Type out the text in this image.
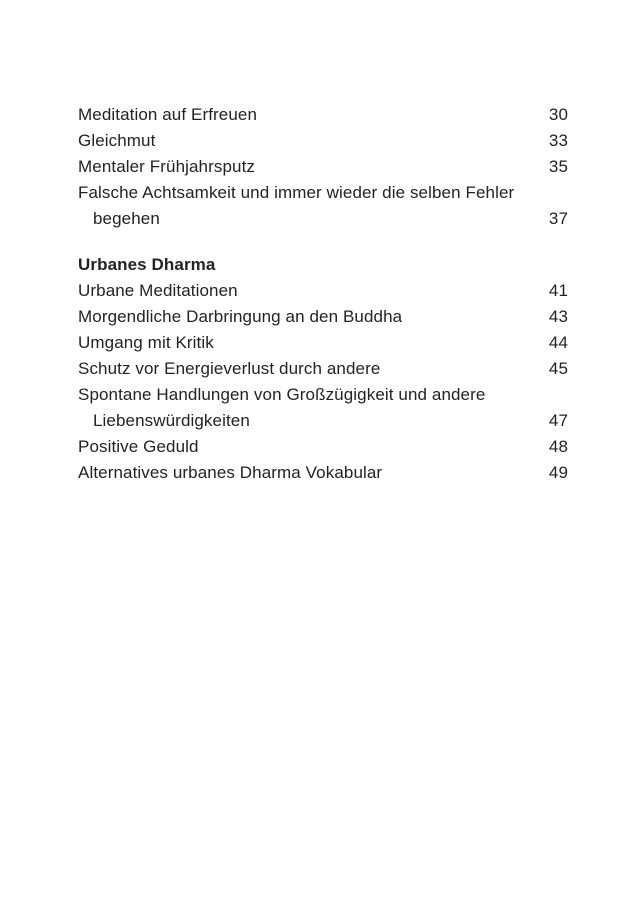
Meditation auf Erfreuen	30
Gleichmut	33
Mentaler Frühjahrsputz	35
Falsche Achtsamkeit und immer wieder die selben Fehler
begehen	37
Urbanes Dharma
Urbane Meditationen	41
Morgendliche Darbringung an den Buddha	43
Umgang mit Kritik	44
Schutz vor Energieverlust durch andere	45
Spontane Handlungen von Großzügigkeit und andere
Liebenswürdigkeiten	47
Positive Geduld	48
Alternatives urbanes Dharma Vokabular	49
